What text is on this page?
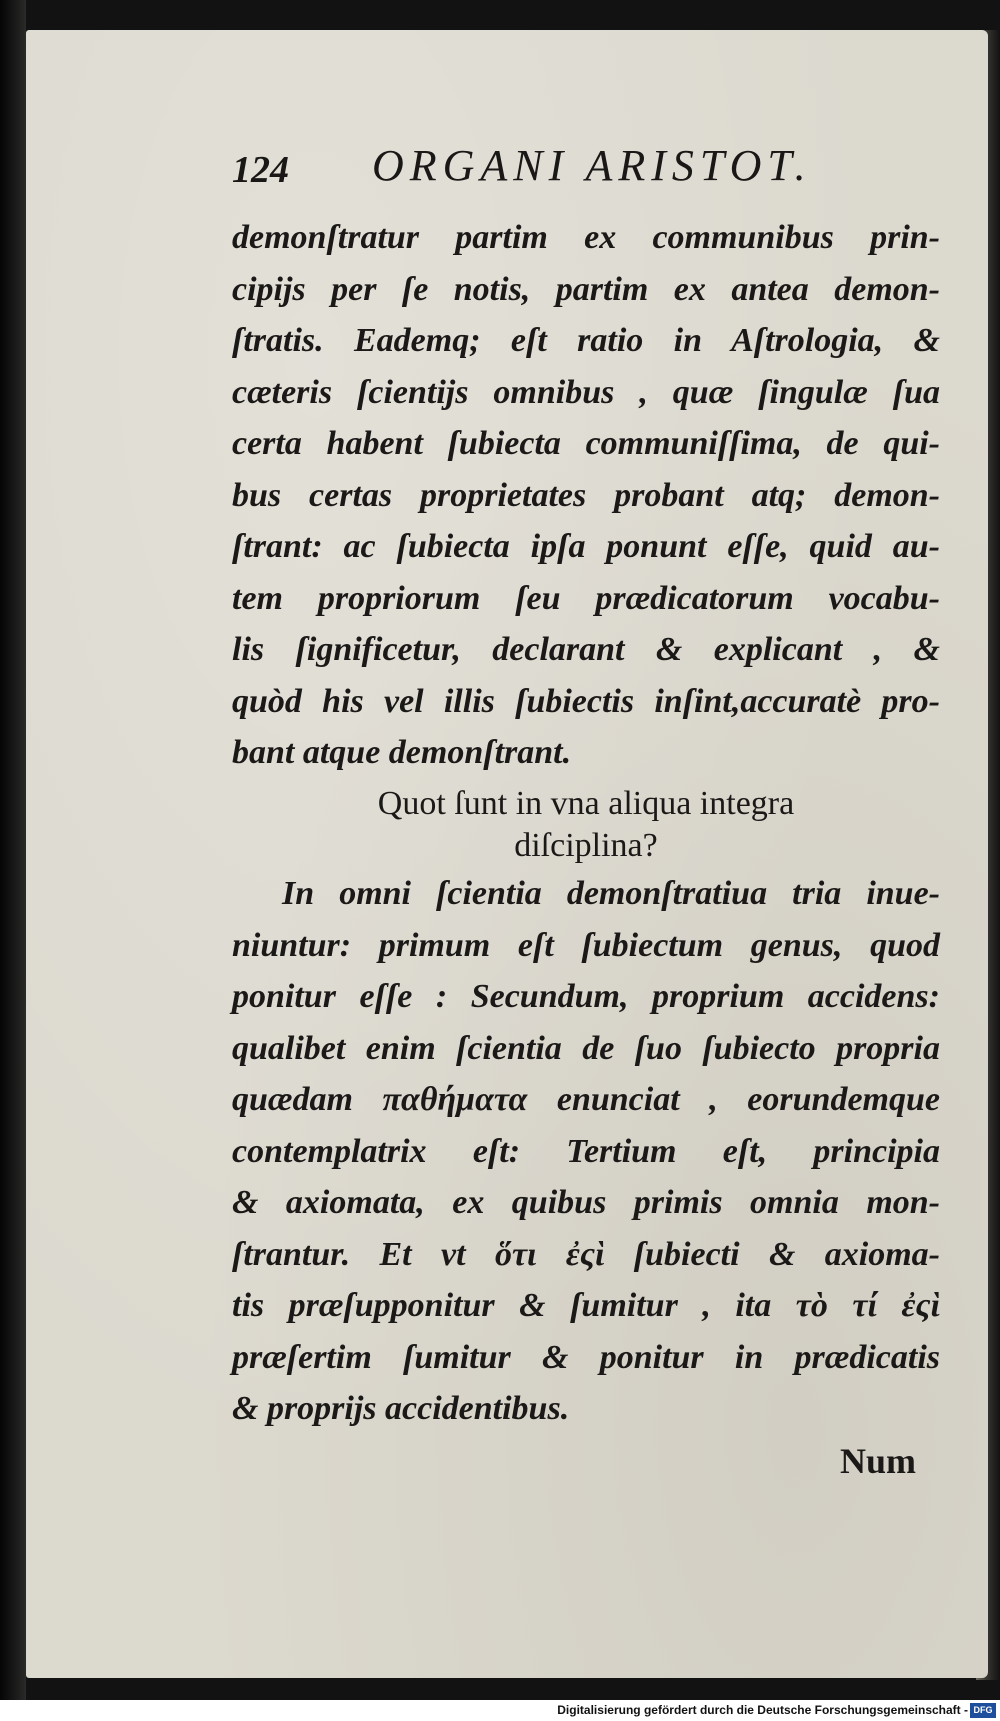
124 ORGANI ARISTOT.
demonſtratur partim ex communibus prin-
cipijs per ſe notis, partim ex antea demon-
ſtratis. Eademq; eſt ratio in Aſtrologia, &
cæteris ſcientijs omnibus , quæ ſingulæ ſua
certa habent ſubiecta communiſſima, de qui-
bus certas proprietates probant atq; demon-
ſtrant: ac ſubiecta ipſa ponunt eſſe, quid au-
tem propriorum ſeu prædicatorum vocabu-
lis ſignificetur, declarant & explicant , &
quòd his vel illis ſubiectis inſint,accuratè pro-
bant atque demonſtrant.
Quot ſunt in vna aliqua integra
diſciplina?
In omni ſcientia demonſtratiua tria inue-
niuntur: primum eſt ſubiectum genus, quod
ponitur eſſe : Secundum, proprium accidens:
qualibet enim ſcientia de ſuo ſubiecto propria
quædam παθήματα enunciat , eorundemque
contemplatrix eſt: Tertium eſt, principia
& axiomata, ex quibus primis omnia mon-
ſtrantur. Et vt ὅτι ἐςὶ ſubiecti & axioma-
tis præſupponitur & ſumitur , ita τὸ τί ἐςὶ
præſertim ſumitur & ponitur in prædicatis
& proprijs accidentibus.
Num
Digitalisierung gefördert durch die Deutsche Forschungsgemeinschaft - DFG
